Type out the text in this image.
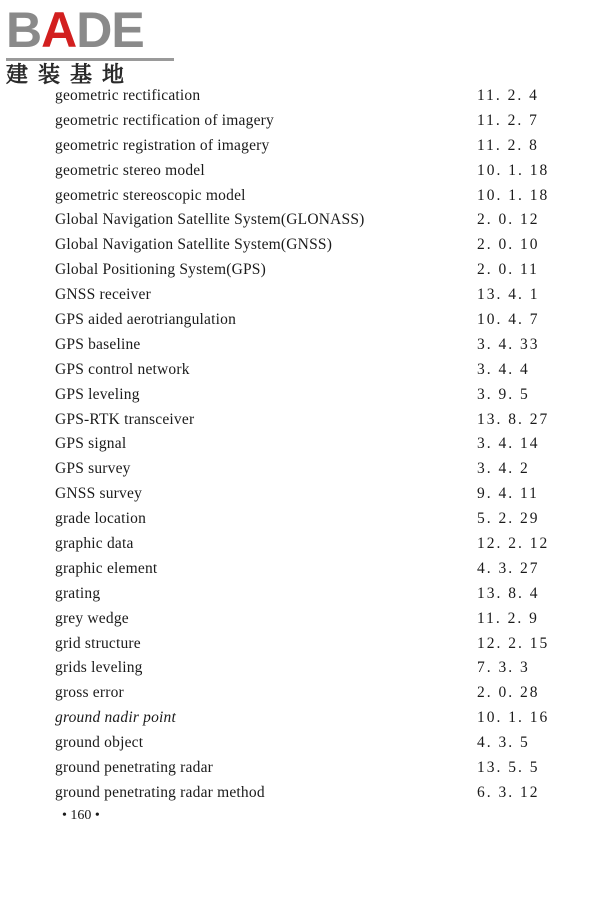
BADE
建装基地
geometric rectification	11. 2. 4
geometric rectification of imagery	11. 2. 7
geometric registration of imagery	11. 2. 8
geometric stereo model	10. 1. 18
geometric stereoscopic model	10. 1. 18
Global Navigation Satellite System(GLONASS)	2. 0. 12
Global Navigation Satellite System(GNSS)	2. 0. 10
Global Positioning System(GPS)	2. 0. 11
GNSS receiver	13. 4. 1
GPS aided aerotriangulation	10. 4. 7
GPS baseline	3. 4. 33
GPS control network	3. 4. 4
GPS leveling	3. 9. 5
GPS-RTK transceiver	13. 8. 27
GPS signal	3. 4. 14
GPS survey	3. 4. 2
GNSS survey	9. 4. 11
grade location	5. 2. 29
graphic data	12. 2. 12
graphic element	4. 3. 27
grating	13. 8. 4
grey wedge	11. 2. 9
grid structure	12. 2. 15
grids leveling	7. 3. 3
gross error	2. 0. 28
ground nadir point	10. 1. 16
ground object	4. 3. 5
ground penetrating radar	13. 5. 5
ground penetrating radar method	6. 3. 12
• 160 •
